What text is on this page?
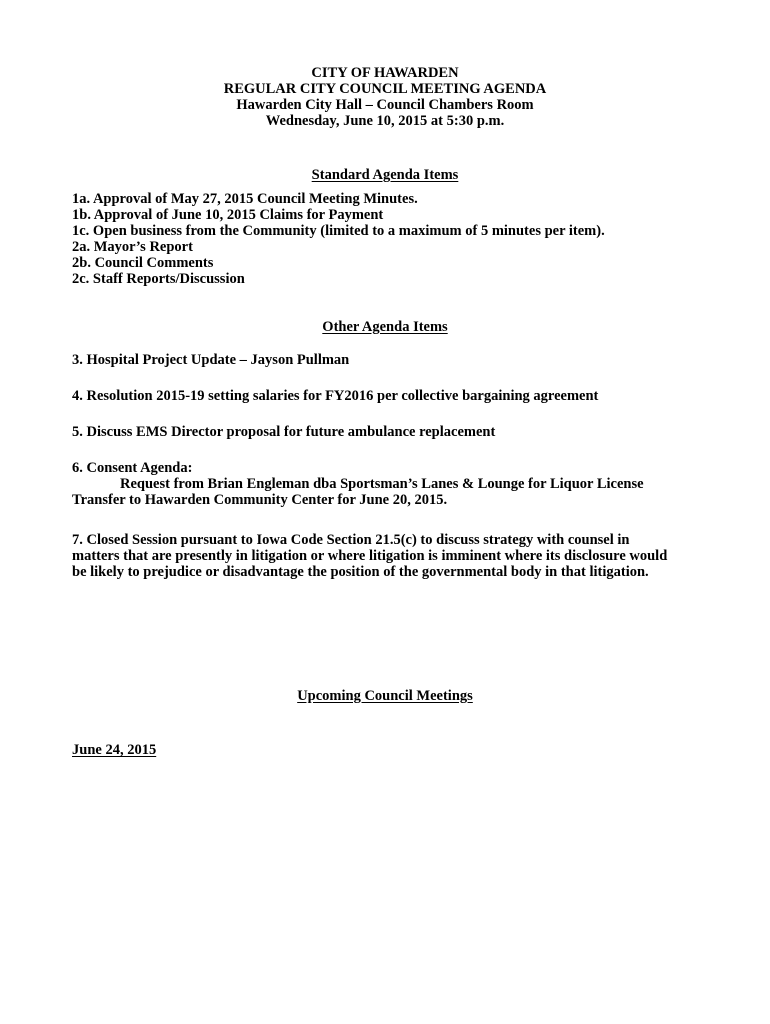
CITY OF HAWARDEN
REGULAR CITY COUNCIL MEETING AGENDA
Hawarden City Hall – Council Chambers Room
Wednesday, June 10, 2015 at 5:30 p.m.
Standard Agenda Items
1a. Approval of May 27, 2015 Council Meeting Minutes.
1b. Approval of June 10, 2015 Claims for Payment
1c. Open business from the Community (limited to a maximum of 5 minutes per item).
2a. Mayor’s Report
2b. Council Comments
2c. Staff Reports/Discussion
Other Agenda Items
3. Hospital Project Update – Jayson Pullman
4. Resolution 2015-19 setting salaries for FY2016 per collective bargaining agreement
5. Discuss EMS Director proposal for future ambulance replacement
6. Consent Agenda:
Request from Brian Engleman dba Sportsman’s Lanes & Lounge for Liquor License
Transfer to Hawarden Community Center for June 20, 2015.
7. Closed Session pursuant to Iowa Code Section 21.5(c) to discuss strategy with counsel in
matters that are presently in litigation or where litigation is imminent where its disclosure would
be likely to prejudice or disadvantage the position of the governmental body in that litigation.
Upcoming Council Meetings
June 24, 2015
